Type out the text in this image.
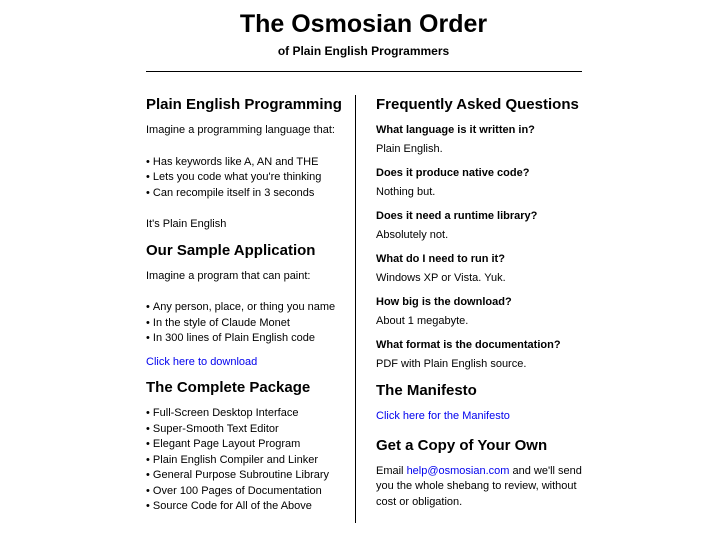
The Osmosian Order
of Plain English Programmers
Plain English Programming

Imagine a programming language that:

• Has keywords like A, AN and THE
• Lets you code what you're thinking
• Can recompile itself in 3 seconds

It's Plain English

Our Sample Application

Imagine a program that can paint:

• Any person, place, or thing you name
• In the style of Claude Monet
• In 300 lines of Plain English code
Click here to download
The Complete Package
• Full-Screen Desktop Interface
• Super-Smooth Text Editor
• Elegant Page Layout Program
• Plain English Compiler and Linker
• General Purpose Subroutine Library
• Over 100 Pages of Documentation
• Source Code for All of the Above
Frequently Asked Questions
What language is it written in?
Plain English.
Does it produce native code?
Nothing but.
Does it need a runtime library?
Absolutely not.
What do I need to run it?
Windows XP or Vista. Yuk.
How big is the download?
About 1 megabyte.
What format is the documentation?
PDF with Plain English source.
The Manifesto
Click here for the Manifesto
Get a Copy of Your Own

Email help@osmosian.com and we'll send you the whole shebang to review, without cost or obligation.
